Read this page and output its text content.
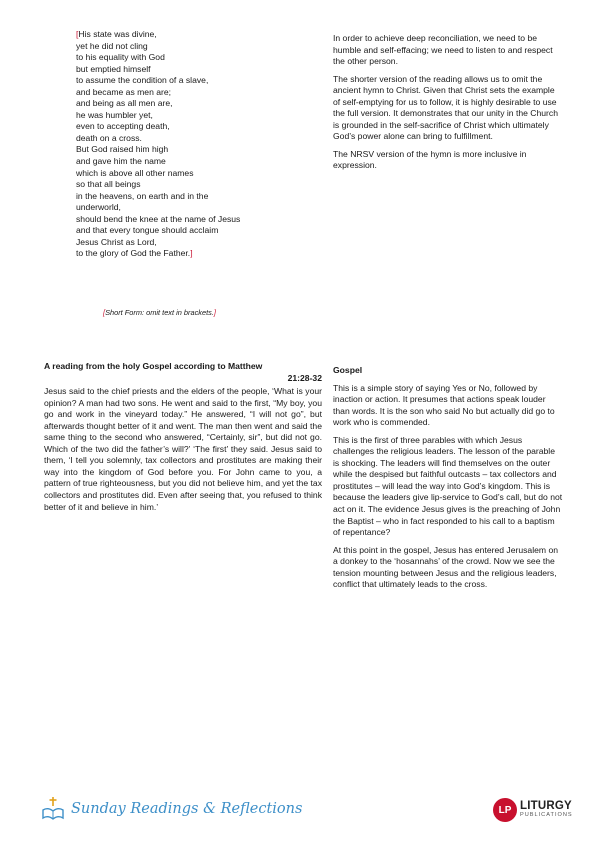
[His state was divine,
yet he did not cling
to his equality with God
but emptied himself
to assume the condition of a slave,
and became as men are;
and being as all men are,
he was humbler yet,
even to accepting death,
death on a cross.
But God raised him high
and gave him the name
which is above all other names
so that all beings
in the heavens, on earth and in the
underworld,
should bend the knee at the name of Jesus
and that every tongue should acclaim
Jesus Christ as Lord,
to the glory of God the Father.]
[Short Form: omit text in brackets.]

In order to achieve deep reconciliation, we need to be humble and self-effacing; we need to listen to and respect the other person.

The shorter version of the reading allows us to omit the ancient hymn to Christ. Given that Christ sets the example of self-emptying for us to follow, it is highly desirable to use the full version. It demonstrates that our unity in the Church is grounded in the self-sacrifice of Christ which ultimately God’s power alone can bring to fulfillment.

The NRSV version of the hymn is more inclusive in expression.

A reading from the holy Gospel according to Matthew
21:28-32
Jesus said to the chief priests and the elders of the people, ‘What is your opinion? A man had two sons. He went and said to the first, “My boy, you go and work in the vineyard today.” He answered, “I will not go”, but afterwards thought better of it and went. The man then went and said the same thing to the second who answered, “Certainly, sir”, but did not go. Which of the two did the father’s will?’ ‘The first’ they said. Jesus said to them, ‘I tell you solemnly, tax collectors and prostitutes are making their way into the kingdom of God before you. For John came to you, a pattern of true righteousness, but you did not believe him, and yet the tax collectors and prostitutes did. Even after seeing that, you refused to think better of it and believe in him.’
Gospel

This is a simple story of saying Yes or No, followed by inaction or action. It presumes that actions speak louder than words. It is the son who said No but actually did go to work who is commended.

This is the first of three parables with which Jesus challenges the religious leaders. The lesson of the parable is shocking. The leaders will find themselves on the outer while the despised but faithful outcasts – tax collectors and prostitutes – will lead the way into God’s kingdom. This is because the leaders give lip-service to God’s call, but do not act on it. The evidence Jesus gives is the preaching of John the Baptist – who in fact responded to his call to a baptism of repentance?

At this point in the gospel, Jesus has entered Jerusalem on a donkey to the ‘hosannahs’ of the crowd. Now we see the tension mounting between Jesus and the religious leaders, conflict that ultimately leads to the cross.

Sunday Readings & Reflections	LP LITURGY
PUBLICATIONS
